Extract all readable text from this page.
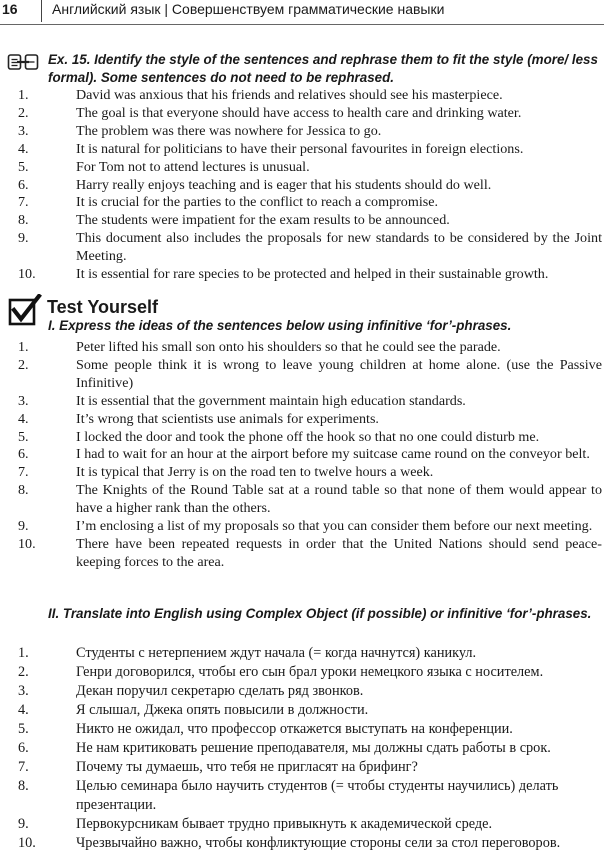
16 Английский язык | Совершенствуем грамматические навыки

Ex. 15. Identify the style of the sentences and rephrase them to fit the style (more/ less formal). Some sentences do not need to be rephrased.

1.	David was anxious that his friends and relatives should see his masterpiece.
2.	The goal is that everyone should have access to health care and drinking water.
3.	The problem was there was nowhere for Jessica to go.
4.	It is natural for politicians to have their personal favourites in foreign elections.
5.	For Tom not to attend lectures is unusual.
6.	Harry really enjoys teaching and is eager that his students should do well.
7.	It is crucial for the parties to the conflict to reach a compromise.
8.	The students were impatient for the exam results to be announced.
9.	This document also includes the proposals for new standards to be considered by the Joint Meeting.
10.	It is essential for rare species to be protected and helped in their sustainable growth.
Test Yourself

I. Express the ideas of the sentences below using infinitive ‘for’-phrases.

1.	Peter lifted his small son onto his shoulders so that he could see the parade.
2.	Some people think it is wrong to leave young children at home alone. (use the Passive Infinitive)
3.	It is essential that the government maintain high education standards.
4.	It’s wrong that scientists use animals for experiments.
5.	I locked the door and took the phone off the hook so that no one could disturb me.
6.	I had to wait for an hour at the airport before my suitcase came round on the conveyor belt.
7.	It is typical that Jerry is on the road ten to twelve hours a week.
8.	The Knights of the Round Table sat at a round table so that none of them would appear to have a higher rank than the others.
9.	I’m enclosing a list of my proposals so that you can consider them before our next meeting.
10.	There have been repeated requests in order that the United Nations should send peace-keeping forces to the area.

II. Translate into English using Complex Object (if possible) or infinitive ‘for’-phrases.

1.	Студенты с нетерпением ждут начала (= когда начнутся) каникул.
2.	Генри договорился, чтобы его сын брал уроки немецкого языка с носителем.
3.	Декан поручил секретарю сделать ряд звонков.
4.	Я слышал, Джека опять повысили в должности.
5.	Никто не ожидал, что профессор откажется выступать на конференции.
6.	Не нам критиковать решение преподавателя, мы должны сдать работы в срок.
7.	Почему ты думаешь, что тебя не пригласят на брифинг?
8.	Целью семинара было научить студентов (= чтобы студенты научились) делать презентации.
9.	Первокурсникам бывает трудно привыкнуть к академической среде.
10.	Чрезвычайно важно, чтобы конфликтующие стороны сели за стол переговоров.
